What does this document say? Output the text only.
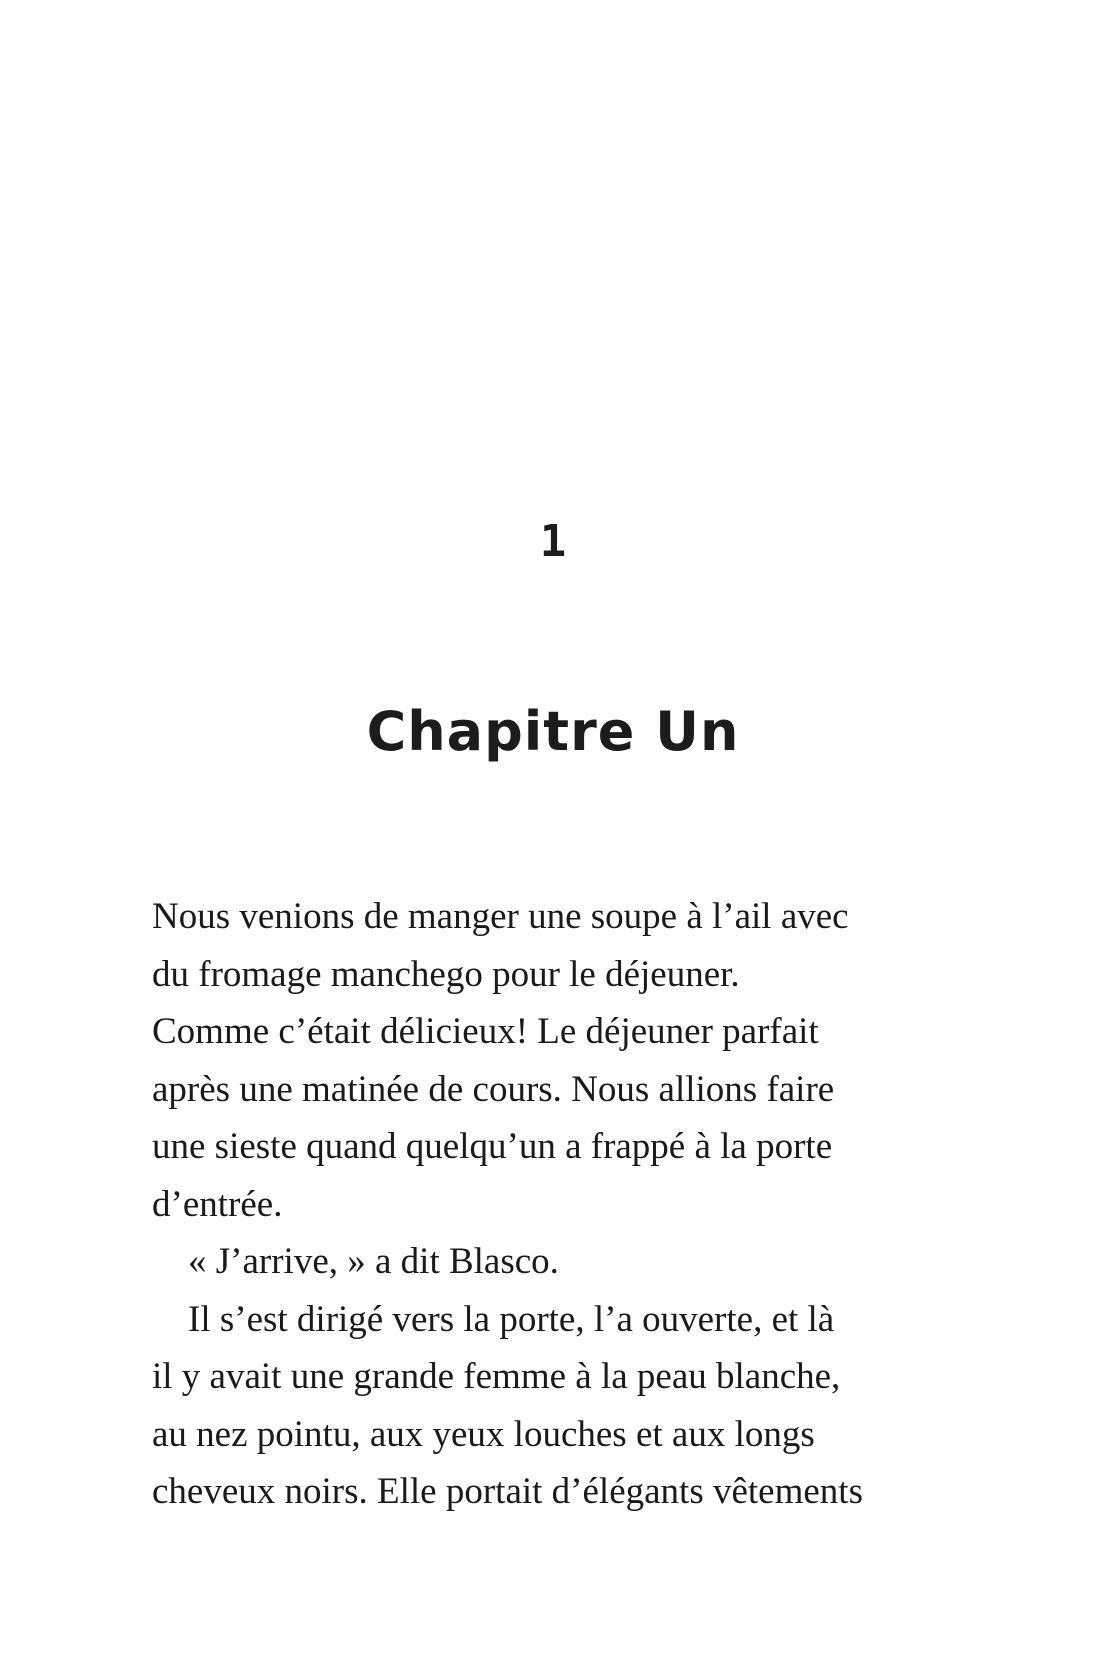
1
Chapitre Un
Nous venions de manger une soupe à l’ail avec
du fromage manchego pour le déjeuner.
Comme c’était délicieux! Le déjeuner parfait
après une matinée de cours. Nous allions faire
une sieste quand quelqu’un a frappé à la porte
d’entrée.
« J’arrive, » a dit Blasco.
Il s’est dirigé vers la porte, l’a ouverte, et là
il y avait une grande femme à la peau blanche,
au nez pointu, aux yeux louches et aux longs
cheveux noirs. Elle portait d’élégants vêtements
